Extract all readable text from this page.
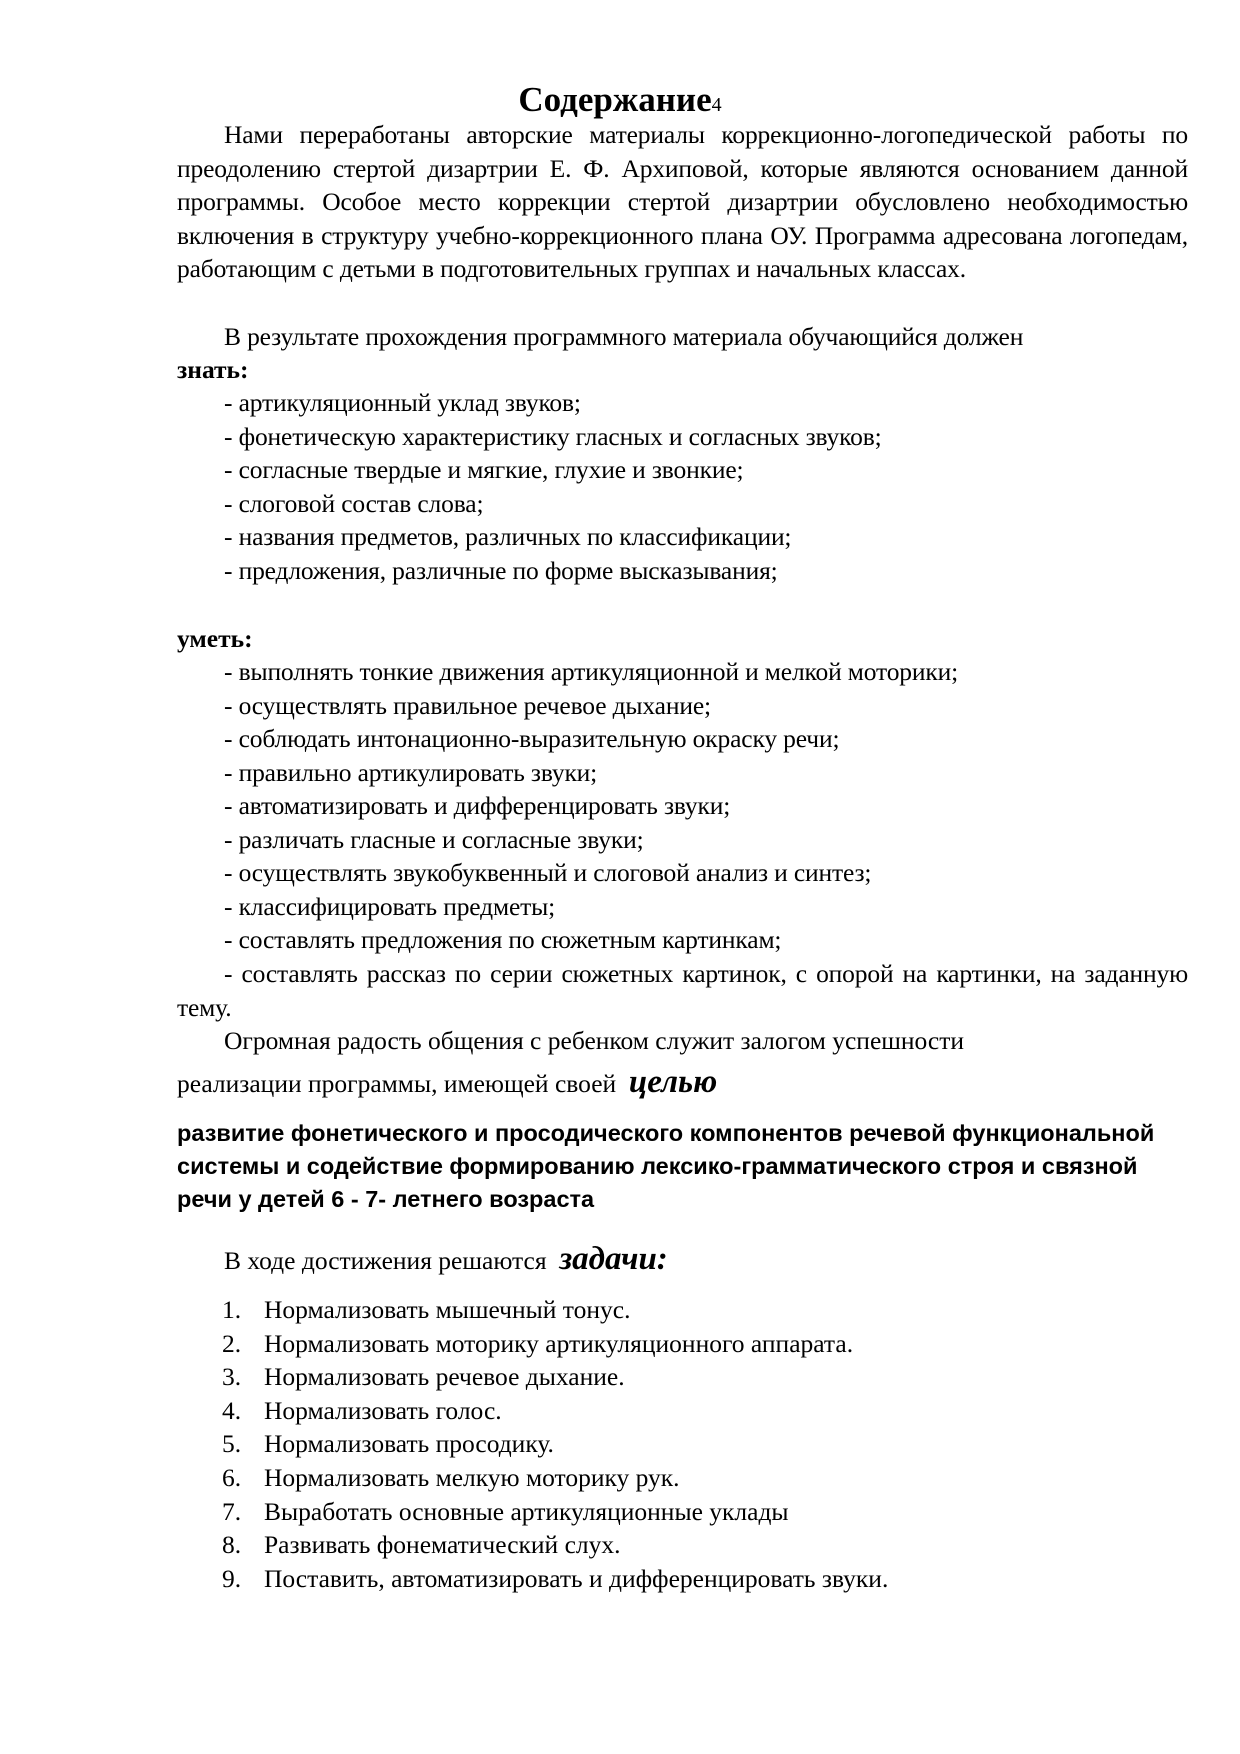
Содержание4

Нами переработаны авторские материалы коррекционно-логопедической работы по преодолению стертой дизартрии Е. Ф. Архиповой, которые являются основанием данной программы. Особое место коррекции стертой дизартрии обусловлено необходимостью включения в структуру учебно-коррекционного плана ОУ. Программа адресована логопедам, работающим с детьми в подготовительных группах и начальных классах.

В результате прохождения программного материала обучающийся должен

знать:
- артикуляционный уклад звуков;
- фонетическую характеристику гласных и согласных звуков;
- согласные твердые и мягкие, глухие и звонкие;
- слоговой состав слова;
- названия предметов, различных по классификации;
- предложения, различные по форме высказывания;
уметь:
- выполнять тонкие движения артикуляционной и мелкой моторики;
- осуществлять правильное речевое дыхание;
- соблюдать интонационно-выразительную окраску речи;
- правильно артикулировать звуки;
- автоматизировать и дифференцировать звуки;
- различать гласные и согласные звуки;
- осуществлять звукобуквенный и слоговой анализ и синтез;
- классифицировать предметы;
- составлять предложения по сюжетным картинкам;

- составлять рассказ по серии сюжетных картинок, с опорой на картинки, на заданную тему.

Огромная радость общения с ребенком служит залогом успешности

реализации программы, имеющей своей целью

развитие фонетического и просодического компонентов речевой функциональной системы и содействие формированию лексико-грамматического строя и связной речи у детей 6 - 7- летнего возраста

В ходе достижения решаются задачи:
1. Нормализовать мышечный тонус.
2. Нормализовать моторику артикуляционного аппарата.
3. Нормализовать речевое дыхание.
4. Нормализовать голос.
5. Нормализовать просодику.
6. Нормализовать мелкую моторику рук.
7. Выработать основные артикуляционные уклады
8. Развивать фонематический слух.
9. Поставить, автоматизировать и дифференцировать звуки.
